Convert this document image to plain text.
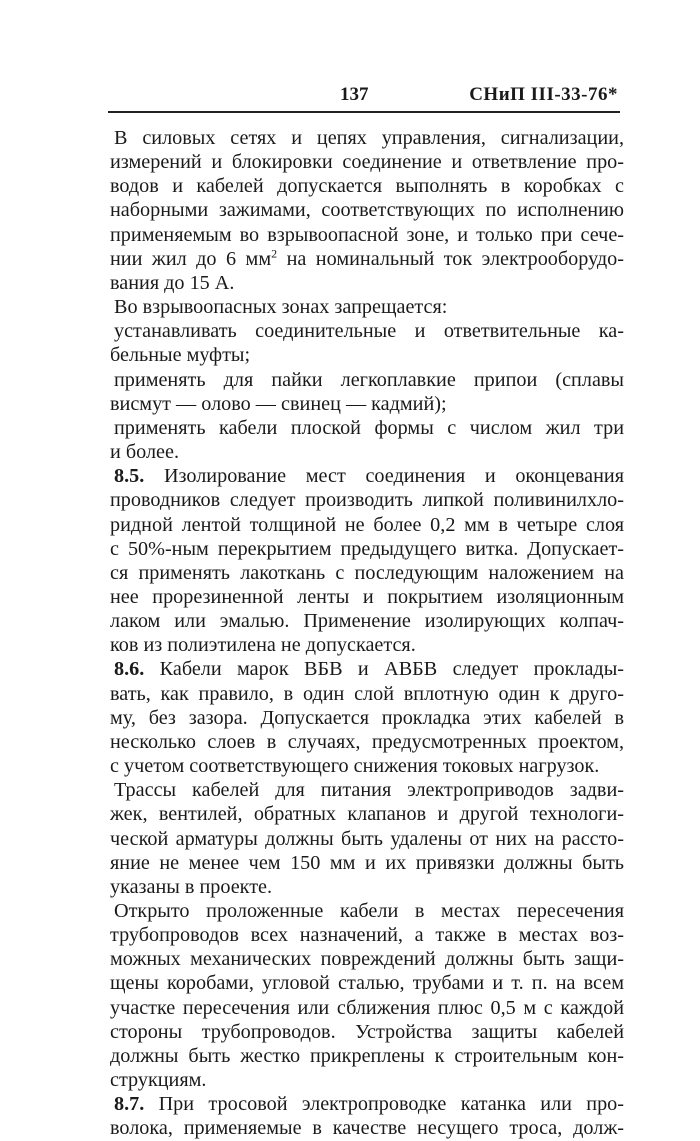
137	СНиП III-33-76*

В силовых сетях и цепях управления, сигнализации,

измерений и блокировки соединение и ответвление про-

водов и кабелей допускается выполнять в коробках с

наборными зажимами, соответствующих по исполнению

применяемым во взрывоопасной зоне, и только при сече-

нии жил до 6 $мм^2$ на номинальный ток электрооборудо-

вания до 15 А.

Во взрывоопасных зонах запрещается:

устанавливать соединительные и ответвительные ка-

бельные муфты;

применять для пайки легкоплавкие припои (сплавы

висмут — олово — свинец — кадмий);

применять кабели плоской формы с числом жил три

и более.

8.5. Изолирование мест соединения и оконцевания

проводников следует производить липкой поливинилхло-

ридной лентой толщиной не более 0,2 мм в четыре слоя

с 50%-ным перекрытием предыдущего витка. Допускает-

ся применять лакоткань с последующим наложением на

нее прорезиненной ленты и покрытием изоляционным

лаком или эмалью. Применение изолирующих колпач-

ков из полиэтилена не допускается.

8.6. Кабели марок ВБВ и АВБВ следует проклады-

вать, как правило, в один слой вплотную один к друго-

му, без зазора. Допускается прокладка этих кабелей в

несколько слоев в случаях, предусмотренных проектом,

с учетом соответствующего снижения токовых нагрузок.

Трассы кабелей для питания электроприводов задви-

жек, вентилей, обратных клапанов и другой технологи-

ческой арматуры должны быть удалены от них на рассто-

яние не менее чем 150 мм и их привязки должны быть

указаны в проекте.

Открыто проложенные кабели в местах пересечения

трубопроводов всех назначений, а также в местах воз-

можных механических повреждений должны быть защи-

щены коробами, угловой сталью, трубами и т. п. на всем

участке пересечения или сближения плюс 0,5 м с каждой

стороны трубопроводов. Устройства защиты кабелей

должны быть жестко прикреплены к строительным кон-

струкциям.

8.7. При тросовой электропроводке катанка или про-

волока, применяемые в качестве несущего троса, долж-
